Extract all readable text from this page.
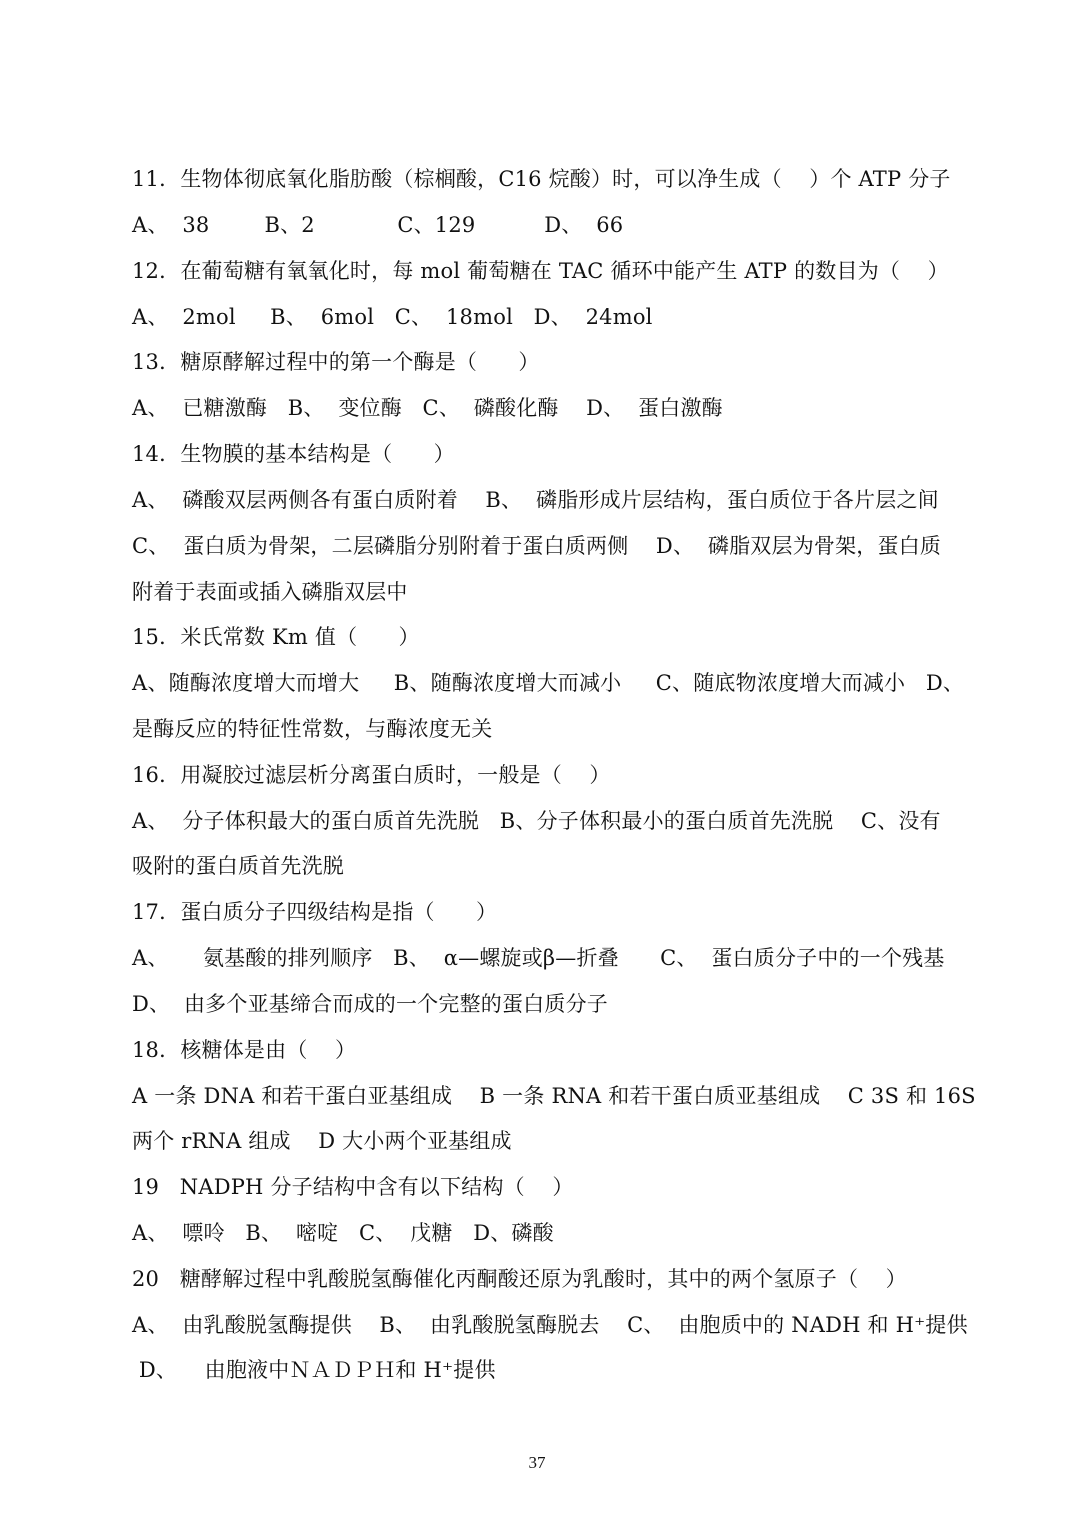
11．生物体彻底氧化脂肪酸（棕榈酸，C16 烷酸）时，可以净生成（    ）个 ATP 分子
A、  38        B、2            C、129          D、  66
12．在葡萄糖有氧氧化时，每 mol 葡萄糖在 TAC 循环中能产生 ATP 的数目为（    ）
A、  2mol     B、  6mol   C、  18mol   D、  24mol
13．糖原酵解过程中的第一个酶是（      ）
A、  已糖激酶   B、  变位酶   C、  磷酸化酶    D、  蛋白激酶
14．生物膜的基本结构是（      ）
A、  磷酸双层两侧各有蛋白质附着    B、  磷脂形成片层结构，蛋白质位于各片层之间
C、  蛋白质为骨架，二层磷脂分别附着于蛋白质两侧    D、  磷脂双层为骨架，蛋白质
附着于表面或插入磷脂双层中
15．米氏常数 Km 值（      ）
A、随酶浓度增大而增大     B、随酶浓度增大而减小     C、随底物浓度增大而减小   D、
是酶反应的特征性常数，与酶浓度无关
16．用凝胶过滤层析分离蛋白质时，一般是（    ）
A、  分子体积最大的蛋白质首先洗脱   B、分子体积最小的蛋白质首先洗脱    C、没有
吸附的蛋白质首先洗脱
17．蛋白质分子四级结构是指（      ）
A、     氨基酸的排列顺序   B、  α—螺旋或β—折叠      C、  蛋白质分子中的一个残基
D、  由多个亚基缔合而成的一个完整的蛋白质分子
18．核糖体是由（    ）
A 一条 DNA 和若干蛋白亚基组成    B 一条 RNA 和若干蛋白质亚基组成    C 3S 和 16S
两个 rRNA 组成    D 大小两个亚基组成
19   NADPH 分子结构中含有以下结构（    ）
A、  嘌呤   B、  嘧啶   C、  戊糖   D、磷酸
20   糖酵解过程中乳酸脱氢酶催化丙酮酸还原为乳酸时，其中的两个氢原子（    ）
A、  由乳酸脱氢酶提供    B、  由乳酸脱氢酶脱去    C、  由胞质中的 NADH 和 H⁺提供
D、    由胞液中ＮＡＤＰＨ和 H⁺提供
37
